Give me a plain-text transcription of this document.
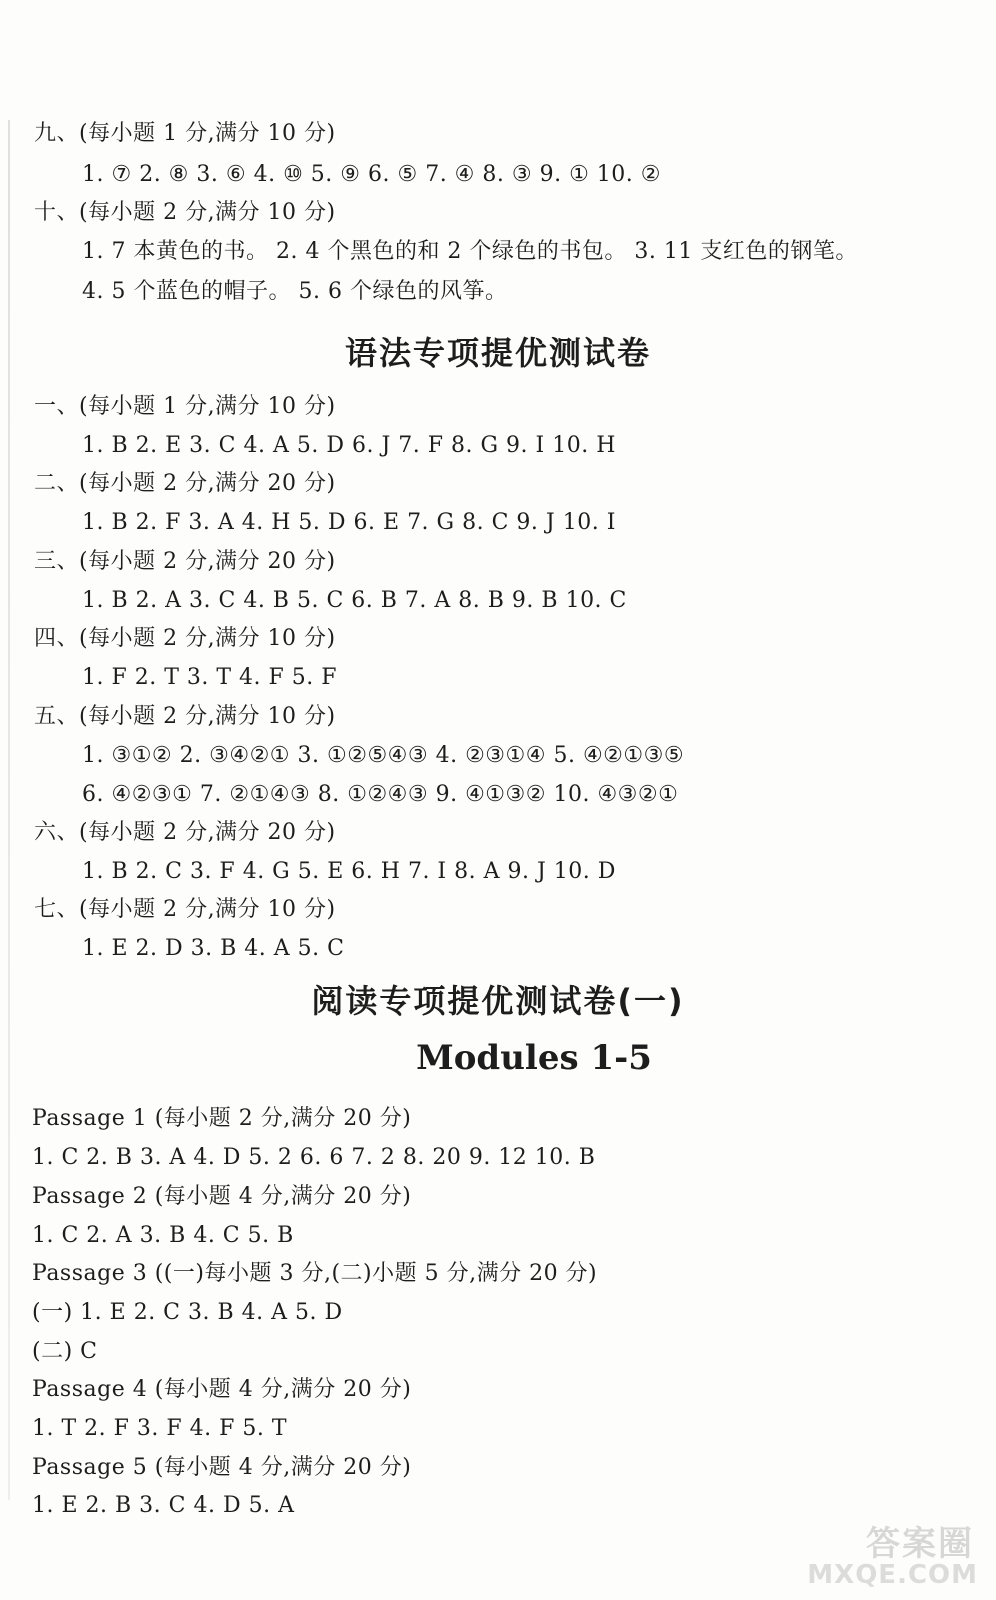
九、(每小题 1 分,满分 10 分)
1. ⑦ 2. ⑧ 3. ⑥ 4. ⑩ 5. ⑨ 6. ⑤ 7. ④ 8. ③ 9. ① 10. ②
十、(每小题 2 分,满分 10 分)
1. 7 本黄色的书。 2. 4 个黑色的和 2 个绿色的书包。 3. 11 支红色的钢笔。
4. 5 个蓝色的帽子。 5. 6 个绿色的风筝。
语法专项提优测试卷
一、(每小题 1 分,满分 10 分)
1. B 2. E 3. C 4. A 5. D 6. J 7. F 8. G 9. I 10. H
二、(每小题 2 分,满分 20 分)
1. B 2. F 3. A 4. H 5. D 6. E 7. G 8. C 9. J 10. I
三、(每小题 2 分,满分 20 分)
1. B 2. A 3. C 4. B 5. C 6. B 7. A 8. B 9. B 10. C
四、(每小题 2 分,满分 10 分)
1. F 2. T 3. T 4. F 5. F
五、(每小题 2 分,满分 10 分)
1. ③①② 2. ③④②① 3. ①②⑤④③ 4. ②③①④ 5. ④②①③⑤
6. ④②③① 7. ②①④③ 8. ①②④③ 9. ④①③② 10. ④③②①
六、(每小题 2 分,满分 20 分)
1. B 2. C 3. F 4. G 5. E 6. H 7. I 8. A 9. J 10. D
七、(每小题 2 分,满分 10 分)
1. E 2. D 3. B 4. A 5. C
阅读专项提优测试卷(一)
Modules 1-5
Passage 1 (每小题 2 分,满分 20 分)
1. C 2. B 3. A 4. D 5. 2 6. 6 7. 2 8. 20 9. 12 10. B
Passage 2 (每小题 4 分,满分 20 分)
1. C 2. A 3. B 4. C 5. B
Passage 3 ((一)每小题 3 分,(二)小题 5 分,满分 20 分)
(一) 1. E 2. C 3. B 4. A 5. D
(二) C
Passage 4 (每小题 4 分,满分 20 分)
1. T 2. F 3. F 4. F 5. T
Passage 5 (每小题 4 分,满分 20 分)
1. E 2. B 3. C 4. D 5. A
答案圈
MXQE.COM
